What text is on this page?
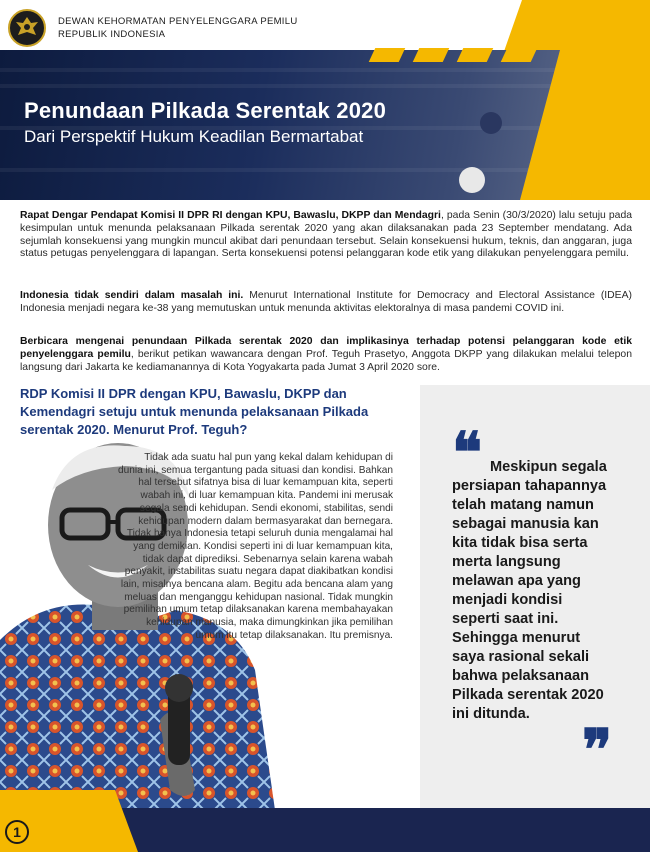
DEWAN KEHORMATAN PENYELENGGARA PEMILU
REPUBLIK INDONESIA
Penundaan Pilkada Serentak 2020
Dari Perspektif Hukum Keadilan Bermartabat

Rapat Dengar Pendapat Komisi II DPR RI dengan KPU, Bawaslu, DKPP dan Mendagri, pada Senin (30/3/2020) lalu setuju pada kesimpulan untuk menunda pelaksanaan Pilkada serentak 2020 yang akan dilaksanakan pada 23 September mendatang. Ada sejumlah konsekuensi yang mungkin muncul akibat dari penundaan tersebut. Selain konsekuensi hukum, teknis, dan anggaran, juga status petugas penyelenggara di lapangan. Serta konsekuensi potensi pelanggaran kode etik yang dilakukan penyelenggara pemilu.

Indonesia tidak sendiri dalam masalah ini. Menurut International Institute for Democracy and Electoral Assistance (IDEA) Indonesia menjadi negara ke-38 yang memutuskan untuk menunda aktivitas elektoralnya di masa pandemi COVID ini.

Berbicara mengenai penundaan Pilkada serentak 2020 dan implikasinya terhadap potensi pelanggaran kode etik penyelenggara pemilu, berikut petikan wawancara dengan Prof. Teguh Prasetyo, Anggota DKPP yang dilakukan melalui telepon langsung dari Jakarta ke kediamanannya di Kota Yogyakarta pada Jumat 3 April 2020 sore.

RDP Komisi II DPR dengan KPU, Bawaslu, DKPP dan Kemendagri setuju untuk menunda pelaksanaan Pilkada serentak 2020. Menurut Prof. Teguh?

Tidak ada suatu hal pun yang kekal dalam kehidupan di dunia ini, semua tergantung pada situasi dan kondisi. Bahkan hal tersebut sifatnya bisa di luar kemampuan kita, seperti wabah ini, di luar kemampuan kita. Pandemi ini merusak segala sendi kehidupan. Sendi ekonomi, stabilitas, sendi kehidupan modern dalam bermasyarakat dan bernegara. Tidak hanya Indonesia tetapi seluruh dunia mengalamai hal yang demikian. Kondisi seperti ini di luar kemampuan kita, tidak dapat diprediksi. Sebenarnya selain karena wabah penyakit, instabilitas suatu negara dapat diakibatkan kondisi lain, misalnya bencana alam. Begitu ada bencana alam yang meluas dan menganggu kehidupan nasional. Tidak mungkin pemilihan umum tetap dilaksanakan karena membahayakan kehidupan manusia, maka dimungkinkan jika pemilihan umum itu tetap dilaksanakan. Itu premisnya.

❝ Meskipun segala persiapan tahapannya telah matang namun sebagai manusia kan kita tidak bisa serta merta langsung melawan apa yang menjadi kondisi seperti saat ini. Sehingga menurut saya rasional sekali bahwa pelaksanaan Pilkada serentak 2020 ini ditunda.

❞
1
